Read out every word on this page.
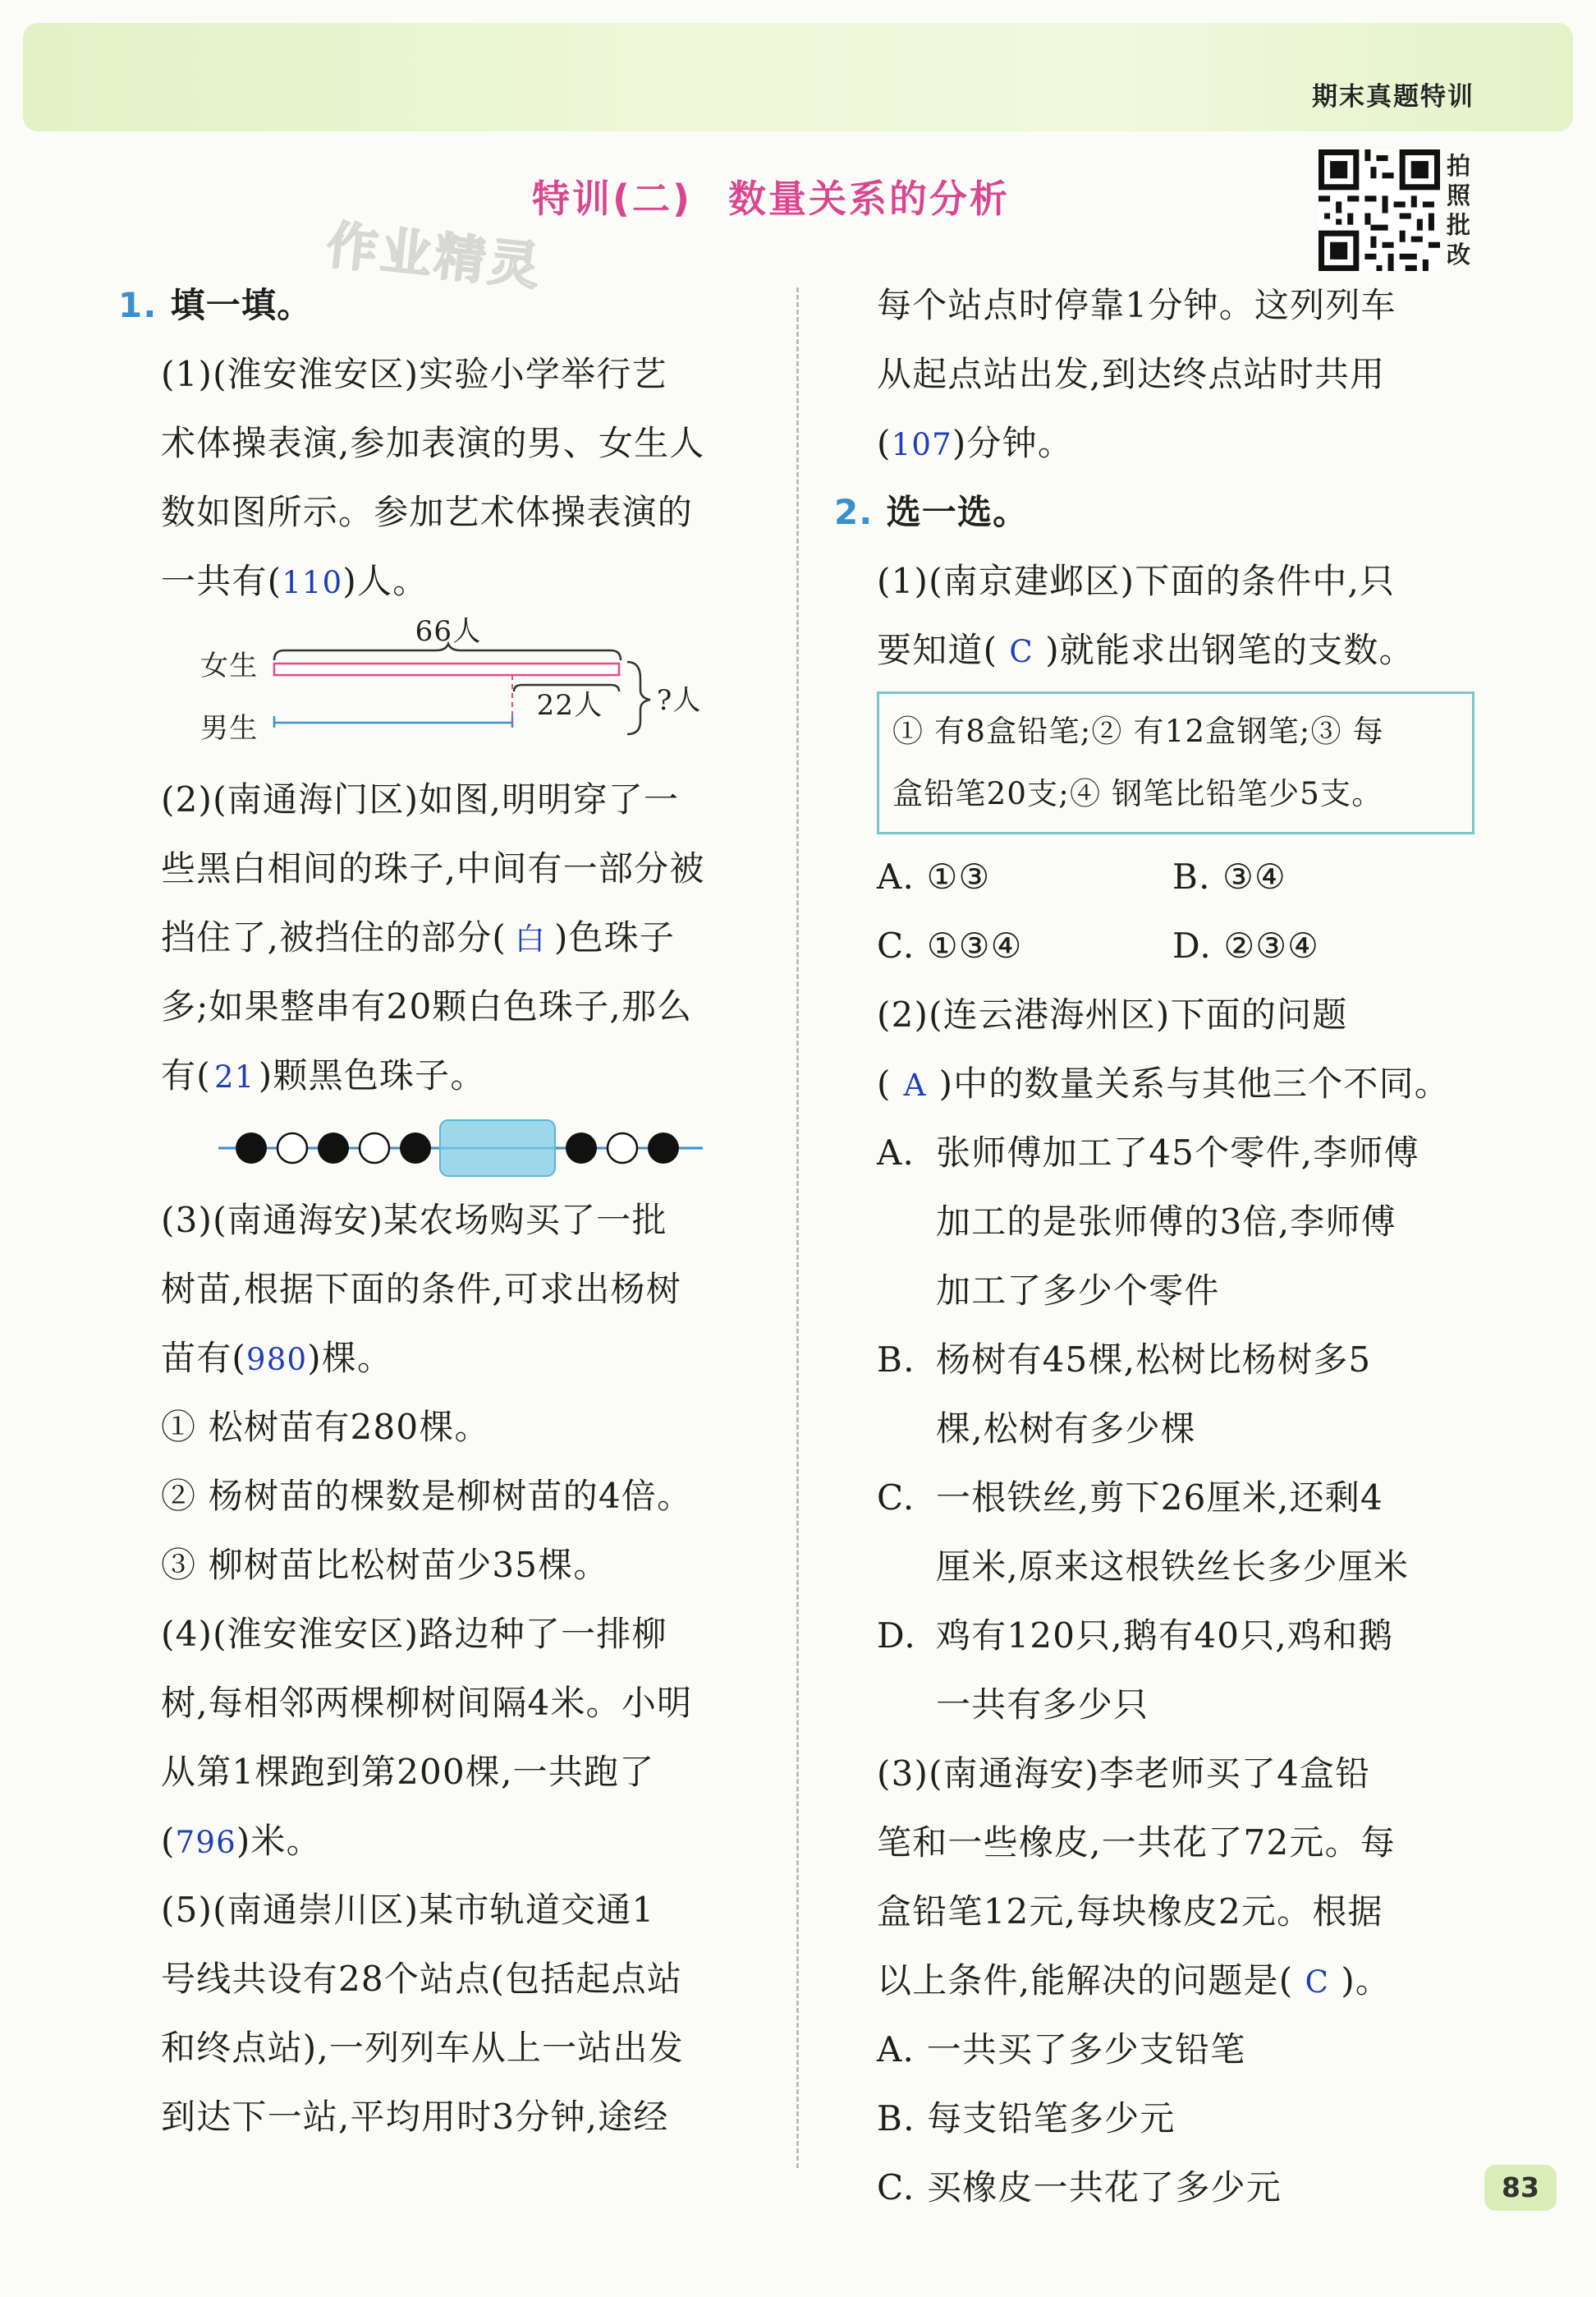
期末真题特训
特训(二) 数量关系的分析
拍
照
批
改
作业精灵
1. 填一填。
(1)(淮安淮安区)实验小学举行艺
术体操表演,参加表演的男、女生人
数如图所示。参加艺术体操表演的
一共有(110)人。
66人
女生
男生
22人 ?人
(2)(南通海门区)如图,明明穿了一
些黑白相间的珠子,中间有一部分被
挡住了,被挡住的部分( 白 )色珠子
多;如果整串有20颗白色珠子,那么
有( 21 )颗黑色珠子。
(3)(南通海安)某农场购买了一批
树苗,根据下面的条件,可求出杨树
苗有(980)棵。
① 松树苗有280棵。
② 杨树苗的棵数是柳树苗的4倍。
③ 柳树苗比松树苗少35棵。
(4)(淮安淮安区)路边种了一排柳
树,每相邻两棵柳树间隔4米。小明
从第1棵跑到第200棵,一共跑了
(796)米。
(5)(南通崇川区)某市轨道交通1
号线共设有28个站点(包括起点站
和终点站),一列列车从上一站出发
到达下一站,平均用时3分钟,途经
每个站点时停靠1分钟。这列列车
从起点站出发,到达终点站时共用
(107)分钟。
2. 选一选。
(1)(南京建邺区)下面的条件中,只
要知道( C )就能求出钢笔的支数。
① 有8盒铅笔;② 有12盒钢笔;③ 每
盒铅笔20支;④ 钢笔比铅笔少5支。
A. ①③	B. ③④
C. ①③④	D. ②③④
(2)(连云港海州区)下面的问题
( A )中的数量关系与其他三个不同。
A. 张师傅加工了45个零件,李师傅
加工的是张师傅的3倍,李师傅
加工了多少个零件
B. 杨树有45棵,松树比杨树多5
棵,松树有多少棵
C. 一根铁丝,剪下26厘米,还剩4
厘米,原来这根铁丝长多少厘米
D. 鸡有120只,鹅有40只,鸡和鹅
一共有多少只
(3)(南通海安)李老师买了4盒铅
笔和一些橡皮,一共花了72元。每
盒铅笔12元,每块橡皮2元。根据
以上条件,能解决的问题是( C )。
A. 一共买了多少支铅笔
B. 每支铅笔多少元
C. 买橡皮一共花了多少元	83
